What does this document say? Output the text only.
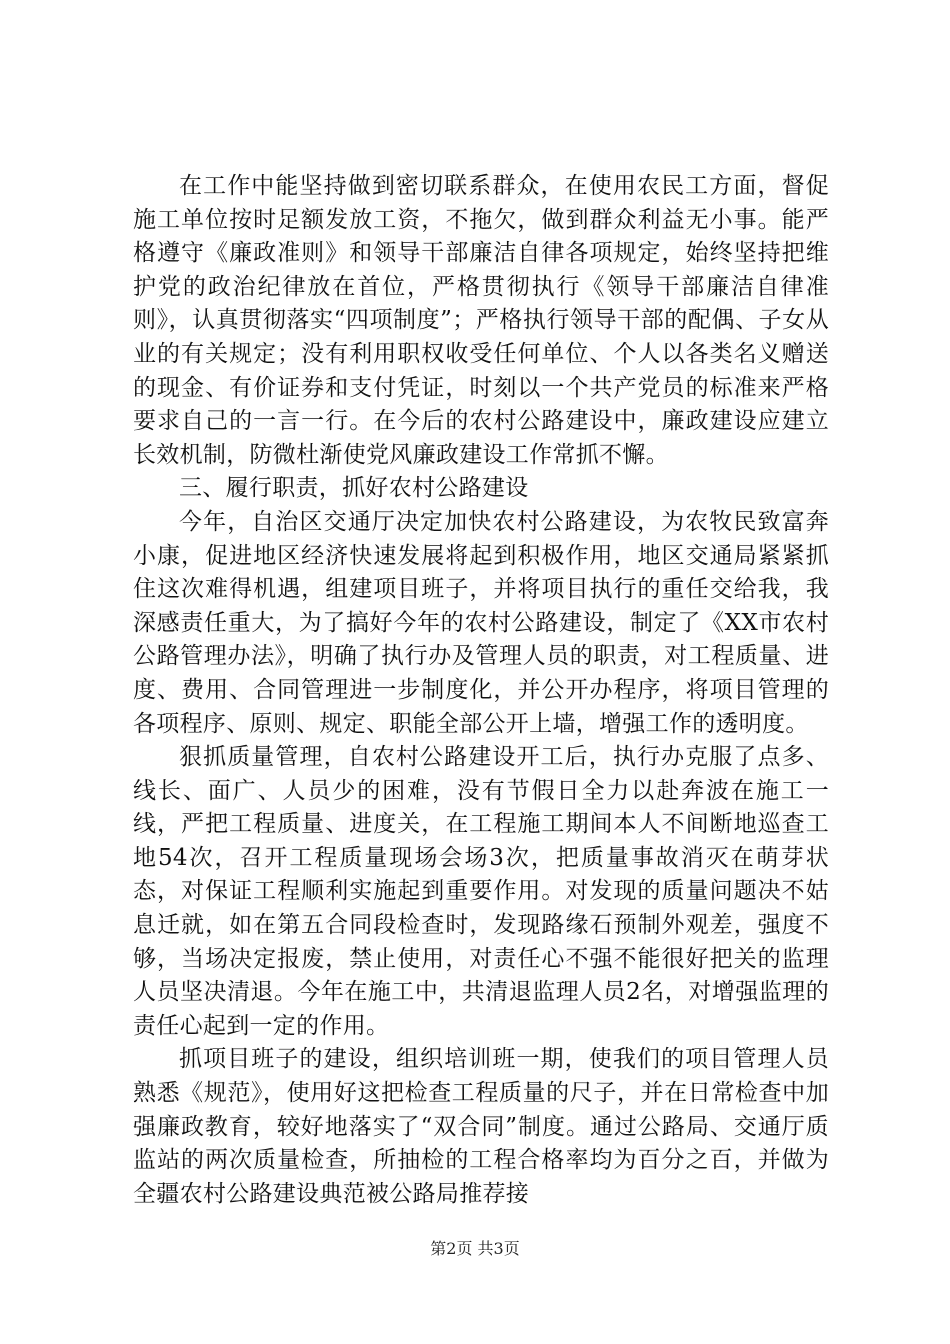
在工作中能坚持做到密切联系群众，在使用农民工方面，督促施工单位按时足额发放工资，不拖欠，做到群众利益无小事。能严格遵守《廉政准则》和领导干部廉洁自律各项规定，始终坚持把维护党的政治纪律放在首位，严格贯彻执行《领导干部廉洁自律准则》，认真贯彻落实“四项制度”；严格执行领导干部的配偶、子女从业的有关规定；没有利用职权收受任何单位、个人以各类名义赠送的现金、有价证券和支付凭证，时刻以一个共产党员的标准来严格要求自己的一言一行。在今后的农村公路建设中，廉政建设应建立长效机制，防微杜渐使党风廉政建设工作常抓不懈。

三、履行职责，抓好农村公路建设

今年，自治区交通厅决定加快农村公路建设，为农牧民致富奔小康，促进地区经济快速发展将起到积极作用，地区交通局紧紧抓住这次难得机遇，组建项目班子，并将项目执行的重任交给我，我深感责任重大，为了搞好今年的农村公路建设，制定了《XX市农村公路管理办法》，明确了执行办及管理人员的职责，对工程质量、进度、费用、合同管理进一步制度化，并公开办程序，将项目管理的各项程序、原则、规定、职能全部公开上墙，增强工作的透明度。

狠抓质量管理，自农村公路建设开工后，执行办克服了点多、线长、面广、人员少的困难，没有节假日全力以赴奔波在施工一线，严把工程质量、进度关，在工程施工期间本人不间断地巡查工地54次，召开工程质量现场会场3次，把质量事故消灭在萌芽状态，对保证工程顺利实施起到重要作用。对发现的质量问题决不姑息迁就，如在第五合同段检查时，发现路缘石预制外观差，强度不够，当场决定报废，禁止使用，对责任心不强不能很好把关的监理人员坚决清退。今年在施工中，共清退监理人员2名，对增强监理的责任心起到一定的作用。

抓项目班子的建设，组织培训班一期，使我们的项目管理人员熟悉《规范》，使用好这把检查工程质量的尺子，并在日常检查中加强廉政教育，较好地落实了“双合同”制度。通过公路局、交通厅质监站的两次质量检查，所抽检的工程合格率均为百分之百，并做为全疆农村公路建设典范被公路局推荐接

第2页 共3页
